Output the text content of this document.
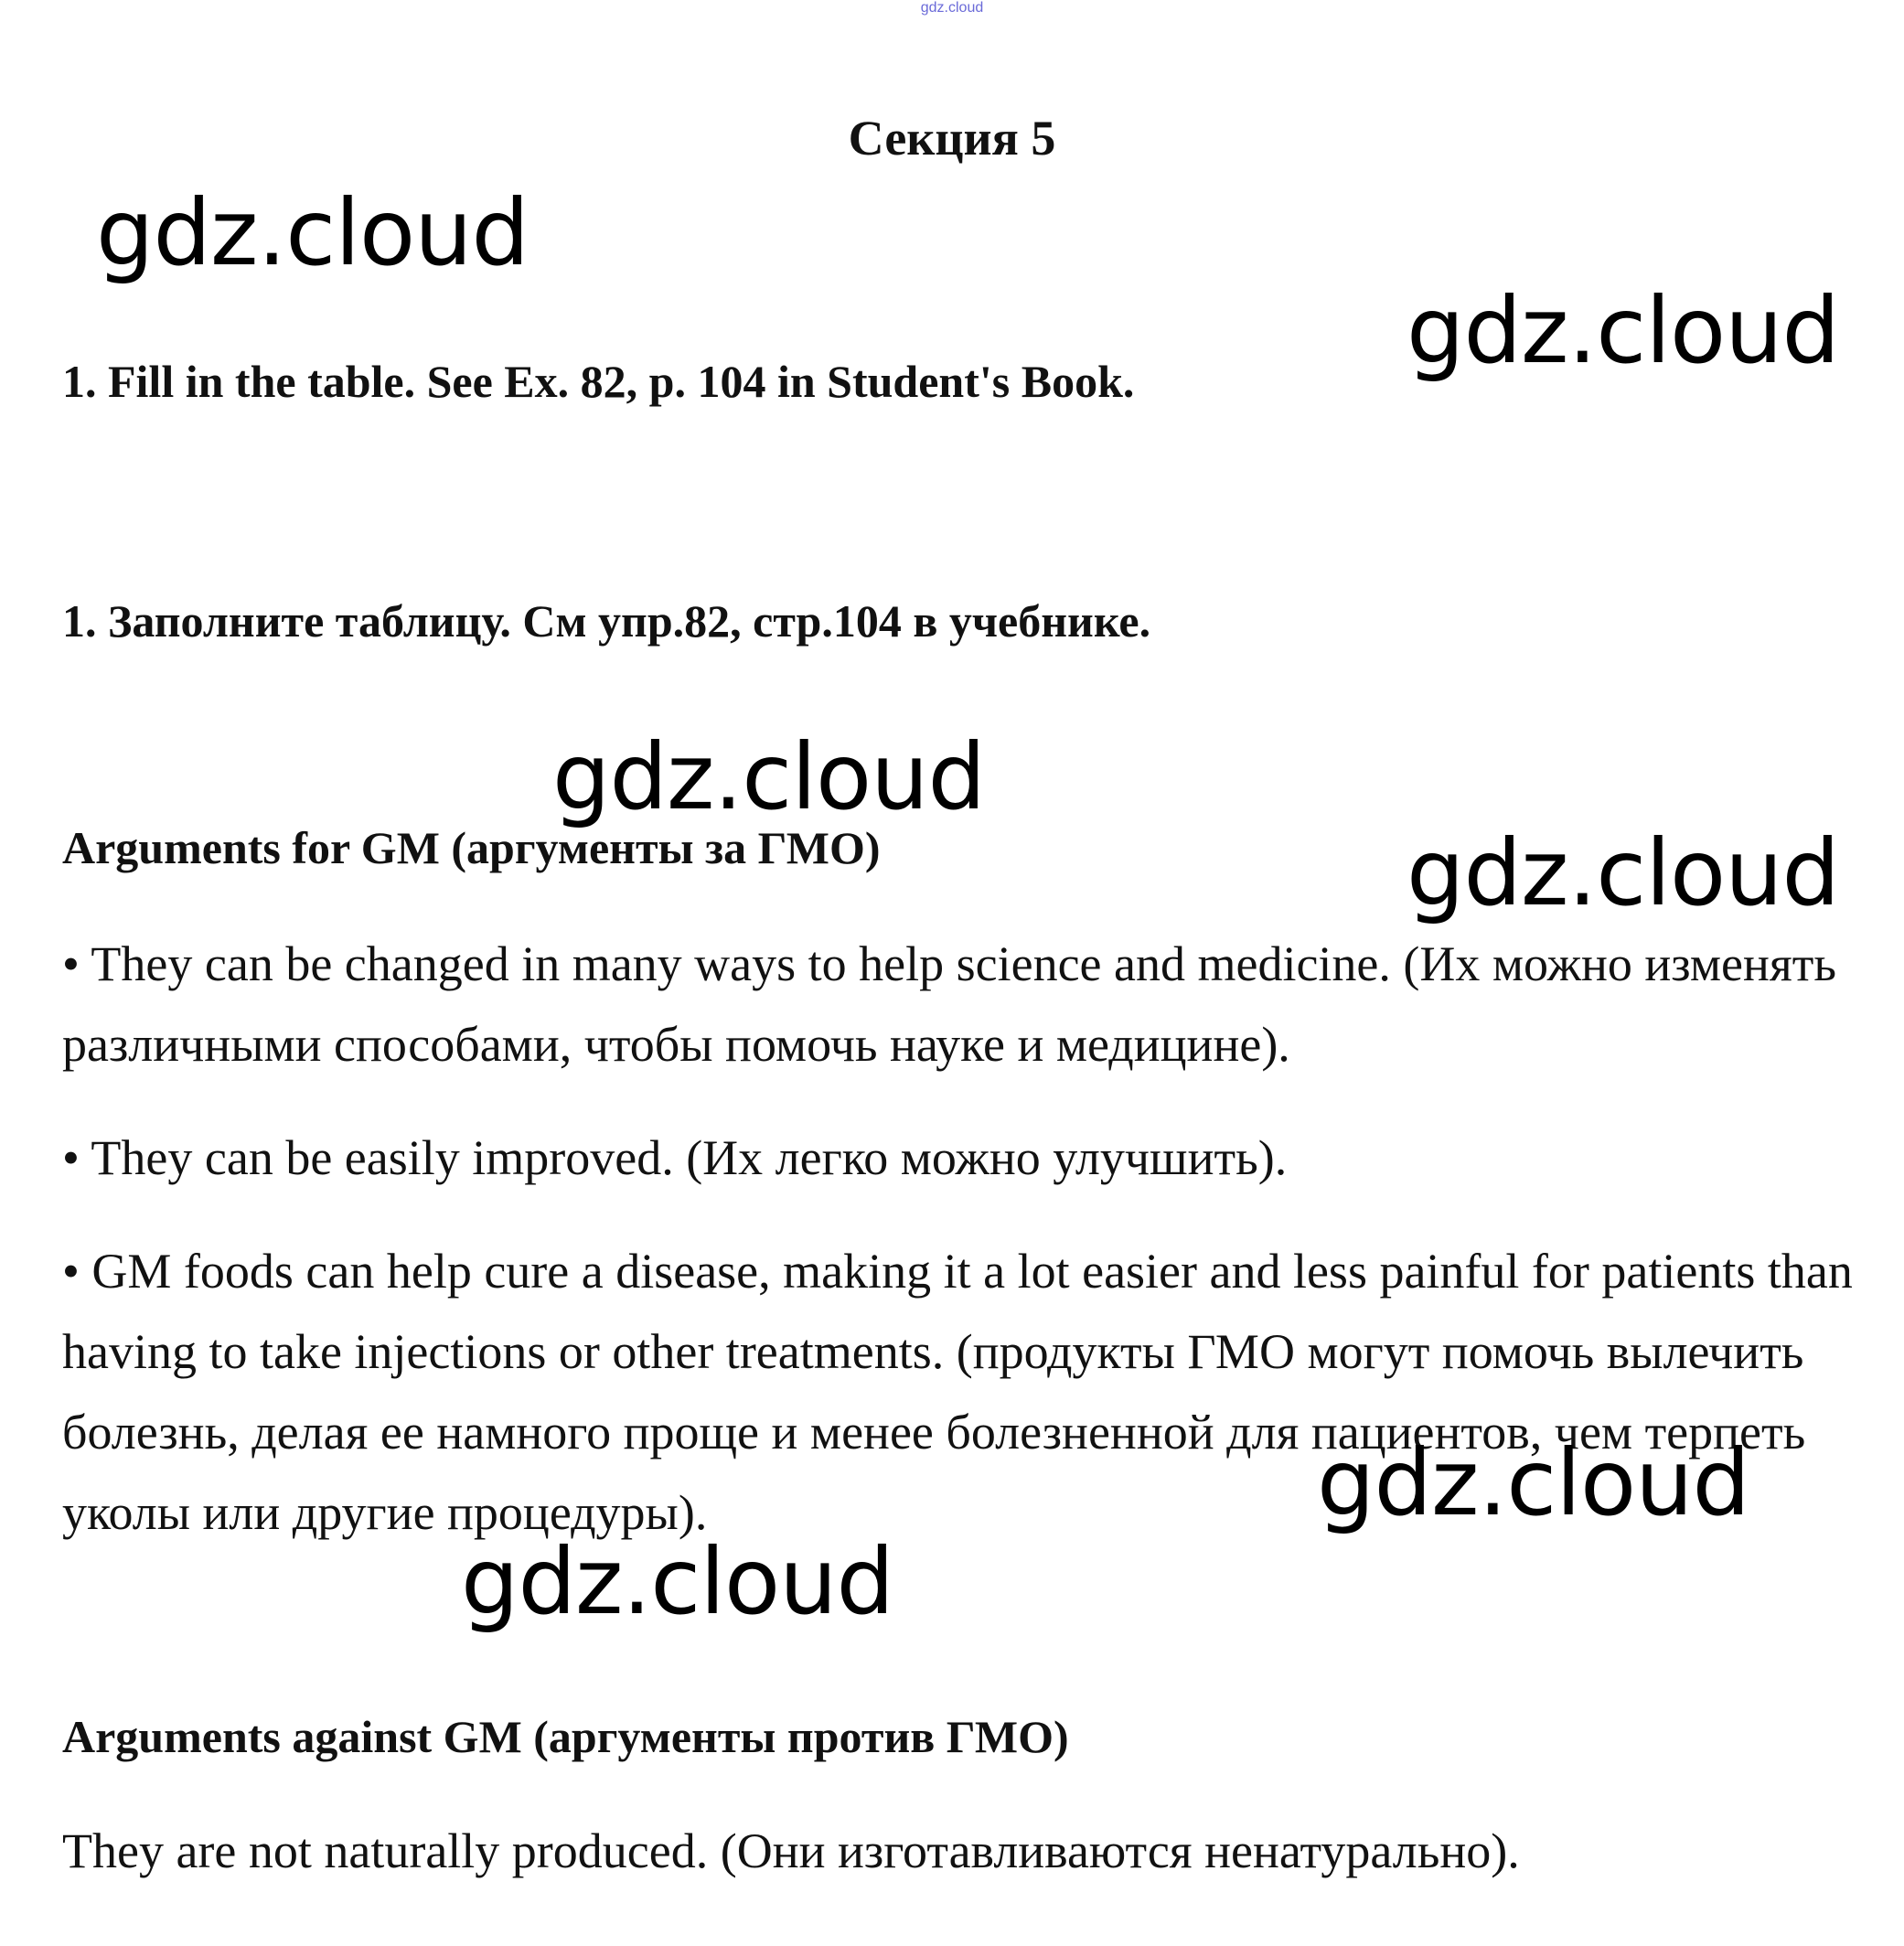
gdz.cloud
Секция 5
1. Fill in the table. See Ex. 82, p. 104 in Student's Book.
1. Заполните таблицу. См упр.82, стр.104 в учебнике.
Arguments for GM (аргументы за ГМО)
• They can be changed in many ways to help science and medicine. (Их можно изменять различными способами, чтобы помочь науке и медицине).
• They can be easily improved. (Их легко можно улучшить).
• GM foods can help cure a disease, making it a lot easier and less painful for patients than having to take injections or other treatments. (продукты ГМО могут помочь вылечить болезнь, делая ее намного проще и менее болезненной для пациентов, чем терпеть уколы или другие процедуры).
Arguments against GM (аргументы против ГМО)
They are not naturally produced. (Они изготавливаются ненатурально).
gdz.cloud
gdz.cloud
gdz.cloud
gdz.cloud
gdz.cloud
gdz.cloud
